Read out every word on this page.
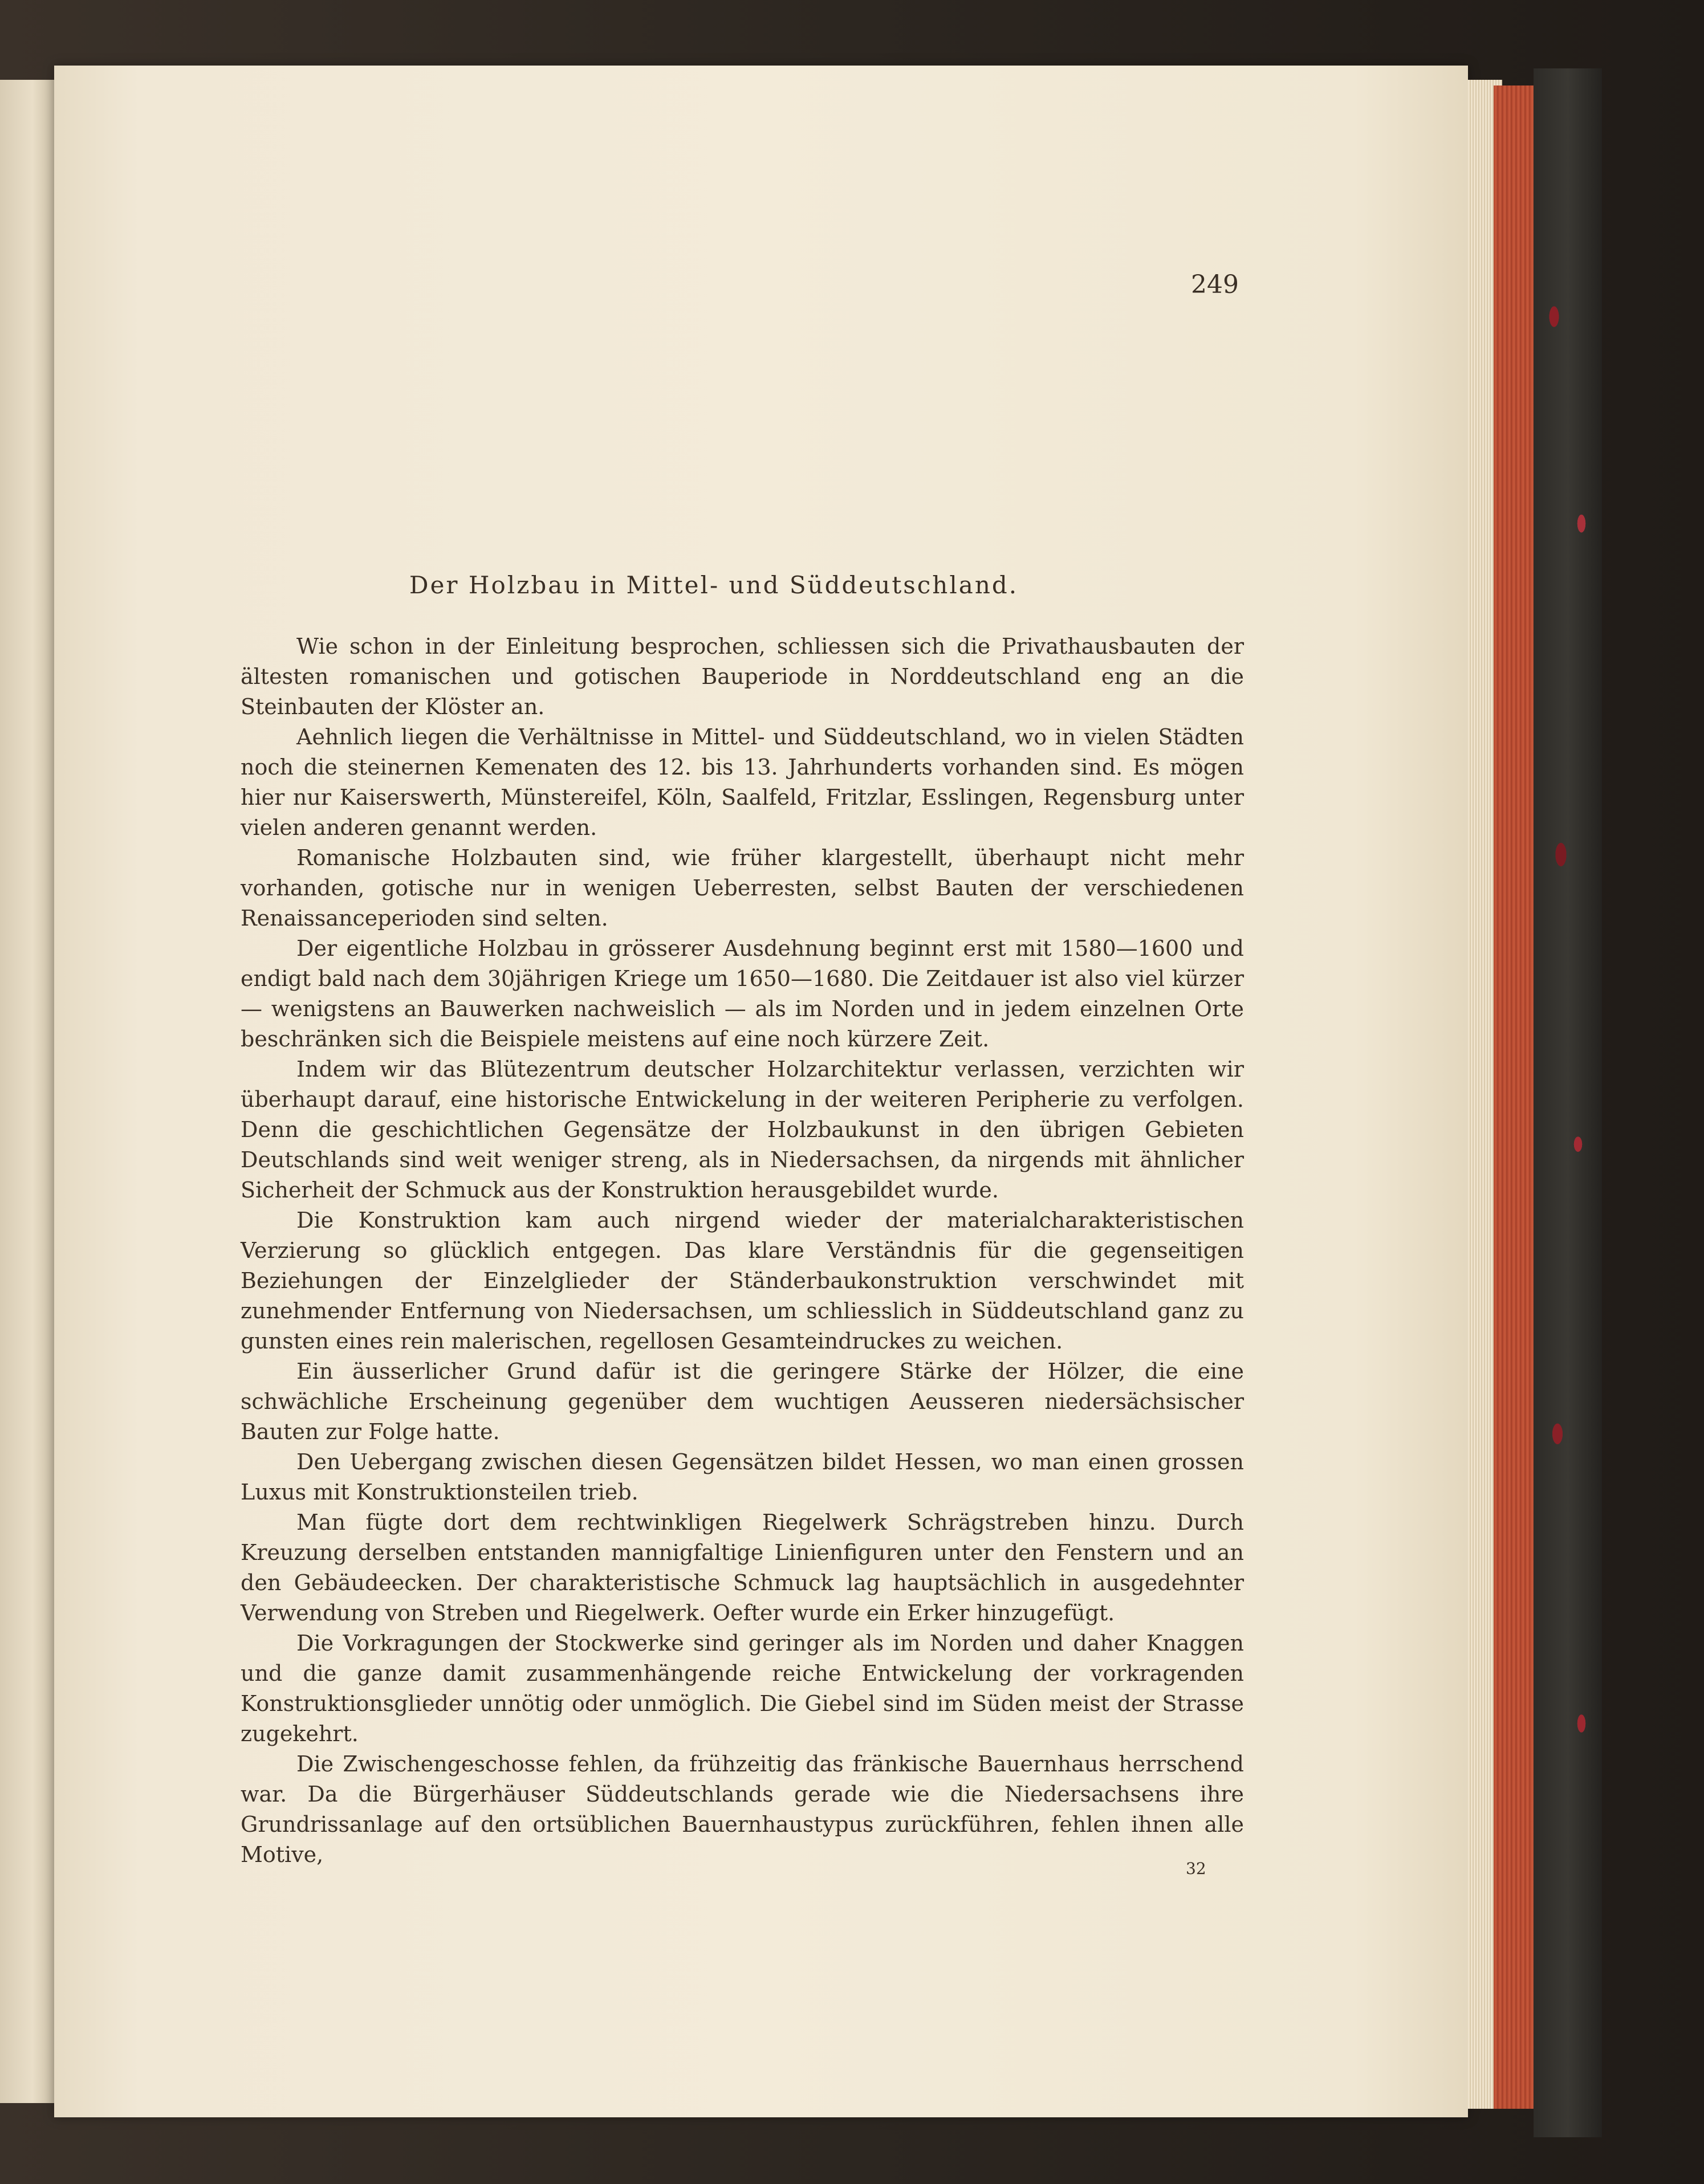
249
Der Holzbau in Mittel- und Süddeutschland.

Wie schon in der Einleitung besprochen, schliessen sich die Privathausbauten der ältesten romanischen und gotischen Bauperiode in Norddeutschland eng an die Steinbauten der Klöster an.

Aehnlich liegen die Verhältnisse in Mittel- und Süddeutschland, wo in vielen Städten noch die steinernen Kemenaten des 12. bis 13. Jahrhunderts vorhanden sind. Es mögen hier nur Kaiserswerth, Münstereifel, Köln, Saalfeld, Fritzlar, Esslingen, Regensburg unter vielen anderen genannt werden.

Romanische Holzbauten sind, wie früher klargestellt, überhaupt nicht mehr vorhanden, gotische nur in wenigen Ueberresten, selbst Bauten der verschiedenen Renaissanceperioden sind selten.

Der eigentliche Holzbau in grösserer Ausdehnung beginnt erst mit 1580—1600 und endigt bald nach dem 30jährigen Kriege um 1650—1680. Die Zeitdauer ist also viel kürzer — wenigstens an Bauwerken nachweislich — als im Norden und in jedem einzelnen Orte beschränken sich die Beispiele meistens auf eine noch kürzere Zeit.

Indem wir das Blütezentrum deutscher Holzarchitektur verlassen, verzichten wir überhaupt darauf, eine historische Entwickelung in der weiteren Peripherie zu verfolgen. Denn die geschichtlichen Gegensätze der Holzbaukunst in den übrigen Gebieten Deutschlands sind weit weniger streng, als in Niedersachsen, da nirgends mit ähnlicher Sicherheit der Schmuck aus der Konstruktion herausgebildet wurde.

Die Konstruktion kam auch nirgend wieder der materialcharakteristischen Verzierung so glücklich entgegen. Das klare Verständnis für die gegenseitigen Beziehungen der Einzelglieder der Ständerbaukonstruktion verschwindet mit zunehmender Entfernung von Niedersachsen, um schliesslich in Süddeutschland ganz zu gunsten eines rein malerischen, regellosen Gesamteindruckes zu weichen.

Ein äusserlicher Grund dafür ist die geringere Stärke der Hölzer, die eine schwächliche Erscheinung gegenüber dem wuchtigen Aeusseren niedersächsischer Bauten zur Folge hatte.

Den Uebergang zwischen diesen Gegensätzen bildet Hessen, wo man einen grossen Luxus mit Konstruktionsteilen trieb.

Man fügte dort dem rechtwinkligen Riegelwerk Schrägstreben hinzu. Durch Kreuzung derselben entstanden mannigfaltige Linienfiguren unter den Fenstern und an den Gebäudeecken. Der charakteristische Schmuck lag hauptsächlich in ausgedehnter Verwendung von Streben und Riegelwerk. Oefter wurde ein Erker hinzugefügt.

Die Vorkragungen der Stockwerke sind geringer als im Norden und daher Knaggen und die ganze damit zusammenhängende reiche Entwickelung der vorkragenden Konstruktionsglieder unnötig oder unmöglich. Die Giebel sind im Süden meist der Strasse zugekehrt.

Die Zwischengeschosse fehlen, da frühzeitig das fränkische Bauernhaus herrschend war. Da die Bürgerhäuser Süddeutschlands gerade wie die Niedersachsens ihre Grundrissanlage auf den ortsüblichen Bauernhaustypus zurückführen, fehlen ihnen alle Motive,

32
